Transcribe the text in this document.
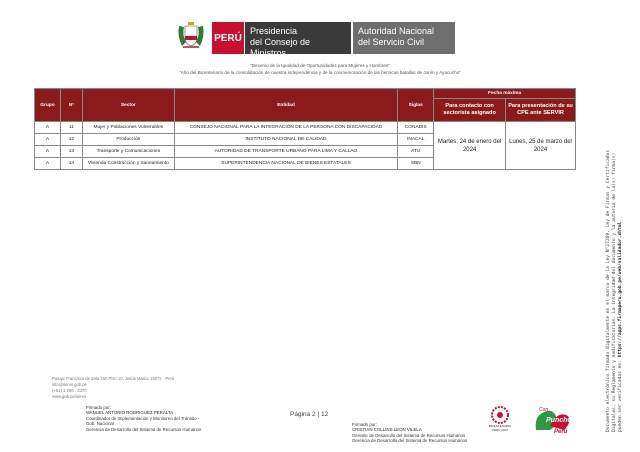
PERÚ
Presidencia
del Consejo de Ministros
Autoridad Nacional
del Servicio Civil
"Decenio de la Igualdad de Oportunidades para Mujeres y Hombres"
"Año del Bicentenario de la consolidación de nuestra independencia y de la conmemoración de las heroicas batallas de Junín y Ayacucho"
Grupo	N°	Sector	Entidad	Siglas	Fecha máxima	
					Para contacto con sectorista asignado	Para presentación de su CPE ante SERVIR
A	11	Mujer y Poblaciones Vulnerables	CONSEJO NACIONAL PARA LA INTEGRACIÓN DE LA PERSONA CON DISCAPACIDAD	CONADIS	Martes, 24 de enero del 2024	Lunes, 25 de marzo del 2024
A	12	Producción	INSTITUTO NACIONAL DE CALIDAD	INACAL		
A	13	Transporte y Comunicaciones	AUTORIDAD DE TRANSPORTE URBANO PARA LIMA Y CALLAO	ATU		
A	14	Vivienda Construcción y Saneamiento	SUPERINTENDENCIA NACIONAL DE BIENES ESTATALES	SBN			Documento electrónico firmado digitalmente en el marco de la Ley N°27269, Ley de Firmas y Certificados Digitales, su Reglamento y modificatorias. La integridad del documento y la autoría de la(s) firma(s) pueden ser verificadas en: https://apps.firmaperu.gob.pe/web/validador.xhtml
Pasaje Francisco de Zela 150 Piso 10, Jesús María, 15072 - Perú
info@servir.gob.pe
(+51) 1 206 - 3370
www.gob.pe/servir
Firmado por:
MANUEL ANTONIO RODRIGUEZ PERALTA
Coordinador de Implementación y Monitoreo del Tránsito -
Gob. Nacional
Gerencia de Desarrollo del Sistema de Recursos Humanos
Página 2 | 12
Firmado por:
CRISTIAN COLLINS LEON VILELA
Gerente de Desarrollo del Sistema de Recursos Humanos
Gerencia de Desarrollo del Sistema de Recursos Humanos
BICENTENARIO
PERÚ 2024
Con
Punche
Perú
